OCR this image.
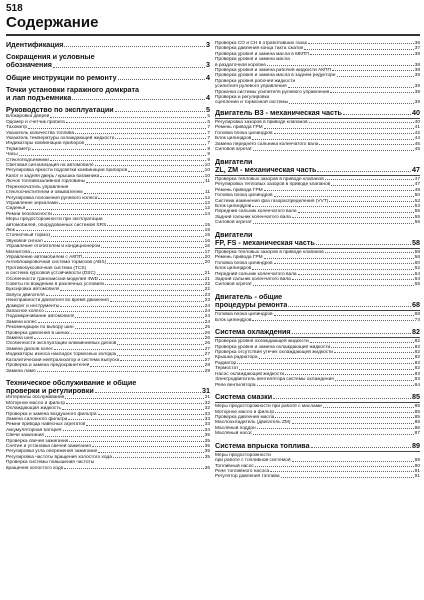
518
Содержание
Идентификация	3
Сокращения и условные
обозначения	3
Общие инструкции по ремонту	4
Точки установки гаражного домкрата
и лап подъемника	4
Руководство по эксплуатации	5
Блокировка дверей	5
Одомер и счетчик пробега	6
Тахометр	7
Указатель количества топлива	7
Указатель температуры охлаждающей жидкости	7
Индикаторы комбинации приборов	7
Термометр	9
Часы	9
Стеклоподъемники	9
Световая сигнализация на автомобиле	10
Регулировка яркости подсветки комбинации приборов	10
Капот и задняя дверь / крышка багажника	10
Лючок топливозаливной горловины	11
Переключатель управления
стеклоочистителем и омывателем	11
Регулировка положения рулевого колеса	12
Управление зеркалами	12
Сиденья	12
Ремни безопасности	14
Меры предосторожности при эксплуатации
автомобилей, оборудованных системой SRS	15
Люк	15
Стояночный тормоз	15
Звуковой сигнал	16
Управление отопителем и кондиционером	16
Магнитола	17
Управление автомобилем с АКПП	20
Антиблокировочная система тормозов (ABS)	20
Противобуксовочная система (TCS)
и система курсовой устойчивости (DSC)	21
Особенности трансмиссии моделей 4WD	21
Советы по вождению в различных условиях	22
Буксировка автомобиля	22
Запуск двигателя	23
Неисправности двигателя во время движения	23
Домкрат и инструменты	24
Запасное колесо	24
Подомкрачивание автомобиля	24
Замена колес	24
Рекомендации по выбору шин	25
Проверка давления в шинах	26
Замена шин	26
Особенности эксплуатации алюминиевых дисков	26
Замена дисков колес	27
Индикаторы износа накладок тормозных колодок	27
Каталитический нейтрализатор и система выпуска	27
Проверка и замена предохранителей	28
Замена ламп	29
Техническое обслуживание и общие
проверки и регулировки	31
Интервалы обслуживания	31
Моторное масло и фильтр	32
Охлаждающая жидкость	32
Проверка и замена воздушного фильтра	33
Замена салонного фильтра	33
Ремни привода навесных агрегатов	33
Аккумуляторная батарея	34
Свечи зажигания	35
Проверка свечей зажигания	35
Снятие и установка свечей зажигания	35
Регулировка угла опережения зажигания	35
Регулировка частоты вращения холостого хода	35
Проверка системы повышения частоты
вращения холостого хода	36
Проверка CO и CH в отработавших газах	36
Проверка давления конца такта сжатия	37
Проверка уровня и замена масла в МКПП	38
Проверка уровня и замена масла
в раздаточной коробке	38
Проверка уровня и замена рабочей жидкости АКПП	38
Проверка уровня и замена масла в заднем редукторе	39
Проверка уровня рабочей жидкости
усилителя рулевого управления	39
Прокачка системы усилителя рулевого управления	39
Проверка и регулировка
сцепления и тормозной системы	39
Двигатель B3 - механическая часть	40
Регулировка зазоров в приводе клапанов	40
Ремень привода ГРМ	41
Головка блока цилиндров	42
Блок цилиндров	44
Замена переднего сальника коленчатого вала	45
Силовой агрегат	45
Двигатели
ZL, ZM - механическая часть	47
Проверка тепловых зазоров в приводе клапанов	47
Регулировка тепловых зазоров в приводе клапанов	47
Ремень привода ГРМ	48
Головка блока цилиндров	50
Система изменения фаз газораспределения (VVT)	52
Блок цилиндров	53
Передний сальник коленчатого вала	55
Задний сальник коленчатого вала	55
Силовой агрегат	56
Двигатели
FP, FS - механическая часть	58
Проверка тепловых зазоров в приводе клапанов	58
Ремень привода ГРМ	58
Головка блока цилиндров	60
Блок цилиндров	62
Передний сальник коленчатого вала	64
Задний сальник коленчатого вала	64
Силовой агрегат	65
Двигатель - общие
процедуры ремонта	68
Головка блока цилиндров	68
Блок цилиндров	74
Система охлаждения	82
Проверка уровня охлаждающей жидкости	82
Проверка уровня и замена охлаждающей жидкости	82
Проверка отсутствия утечек охлаждающей жидкости	82
Крышка радиатора	82
Радиатор	82
Термостат	82
Насос охлаждающей жидкости	83
Электродвигатель вентилятора системы охлаждения	83
Реле вентилятора	84
Система смазки	85
Меры предосторожности при работе с маслами	85
Моторное масло и фильтр	85
Проверка давления масла	85
Маслоохладитель (двигатель ZM)	85
Масляный поддон	86
Масляный насос	87
Система впрыска топлива	89
Меры предосторожности
при работе с топливной системой	89
Топливный насос	90
Реле топливного насоса	91
Регулятор давления топлива	91
